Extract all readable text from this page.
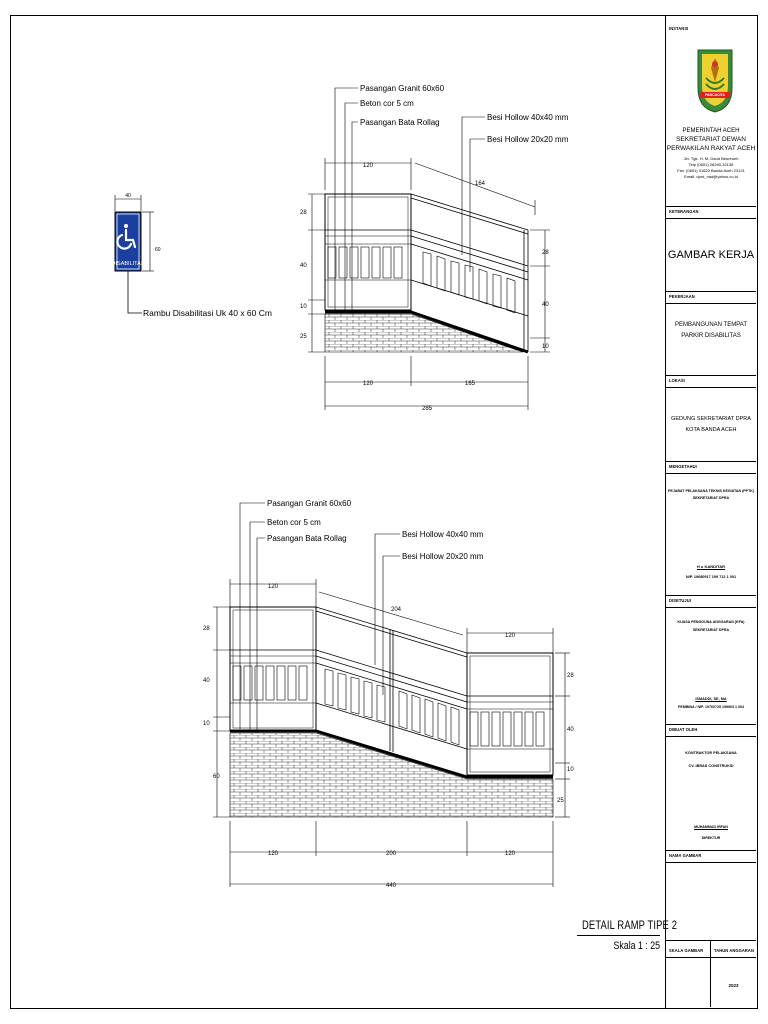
INSTANSI
PANCACITA
PEMERINTAH ACEH
SEKRETARIAT DEWAN
PERWAKILAN RAKYAT ACEH
Jln. Tgk. H. M. Daud Beureueh
Telp (0651) 26290-32138
Fax. (0651) 31620 Banda Aceh 23121
Email: dprd_nad@yahoo.co.id
KETERANGAN
GAMBAR KERJA
PEKERJAAN
PEMBANGUNAN TEMPAT
PARKIR DISABILITAS
LOKASI
GEDUNG SEKRETARIAT DPRA
KOTA BANDA ACEH
MENGETAHUI
PEJABAT PELAKSANA TEKNIS KEGIATAN (PPTK)
SEKRETARIAT DPRA
H u KANDITAR
NIP. 19680917 199 712 1 001
DISETUJUI
KUASA PENGGUNA ANGGARAN (KPA)
SEKRETARIAT DPRA
ISMADDI, SE, MA
PEMBINA / NIP. 19760725 199903 1 004
DIBUAT OLEH
KONTRAKTOR PELAKSANA
CV. IBRAS CONSTRUKSI
MUHAMMAD IRFAN
DIREKTUR
NAMA GAMBAR
SKALA GAMBAR TAHUN ANGGARAN
2023
DISABILITAS
40
60
Rambu Disabilitasi Uk 40 x 60 Cm
Pasangan Granit 60x60
Beton cor 5 cm
Pasangan Bata Rollag
Besi Hollow 40x40 mm
Besi Hollow 20x20 mm
120
164
28
40
10
25
28
40
10
120	165
285
Pasangan Granit 60x60
Beton cor 5 cm
Pasangan Bata Rollag	Besi Hollow 40x40 mm
Besi Hollow 20x20 mm
120
204
120
28
40
10
60
28
40
10
25
120	200	120
440
DETAIL RAMP TIPE 2
Skala 1 : 25
